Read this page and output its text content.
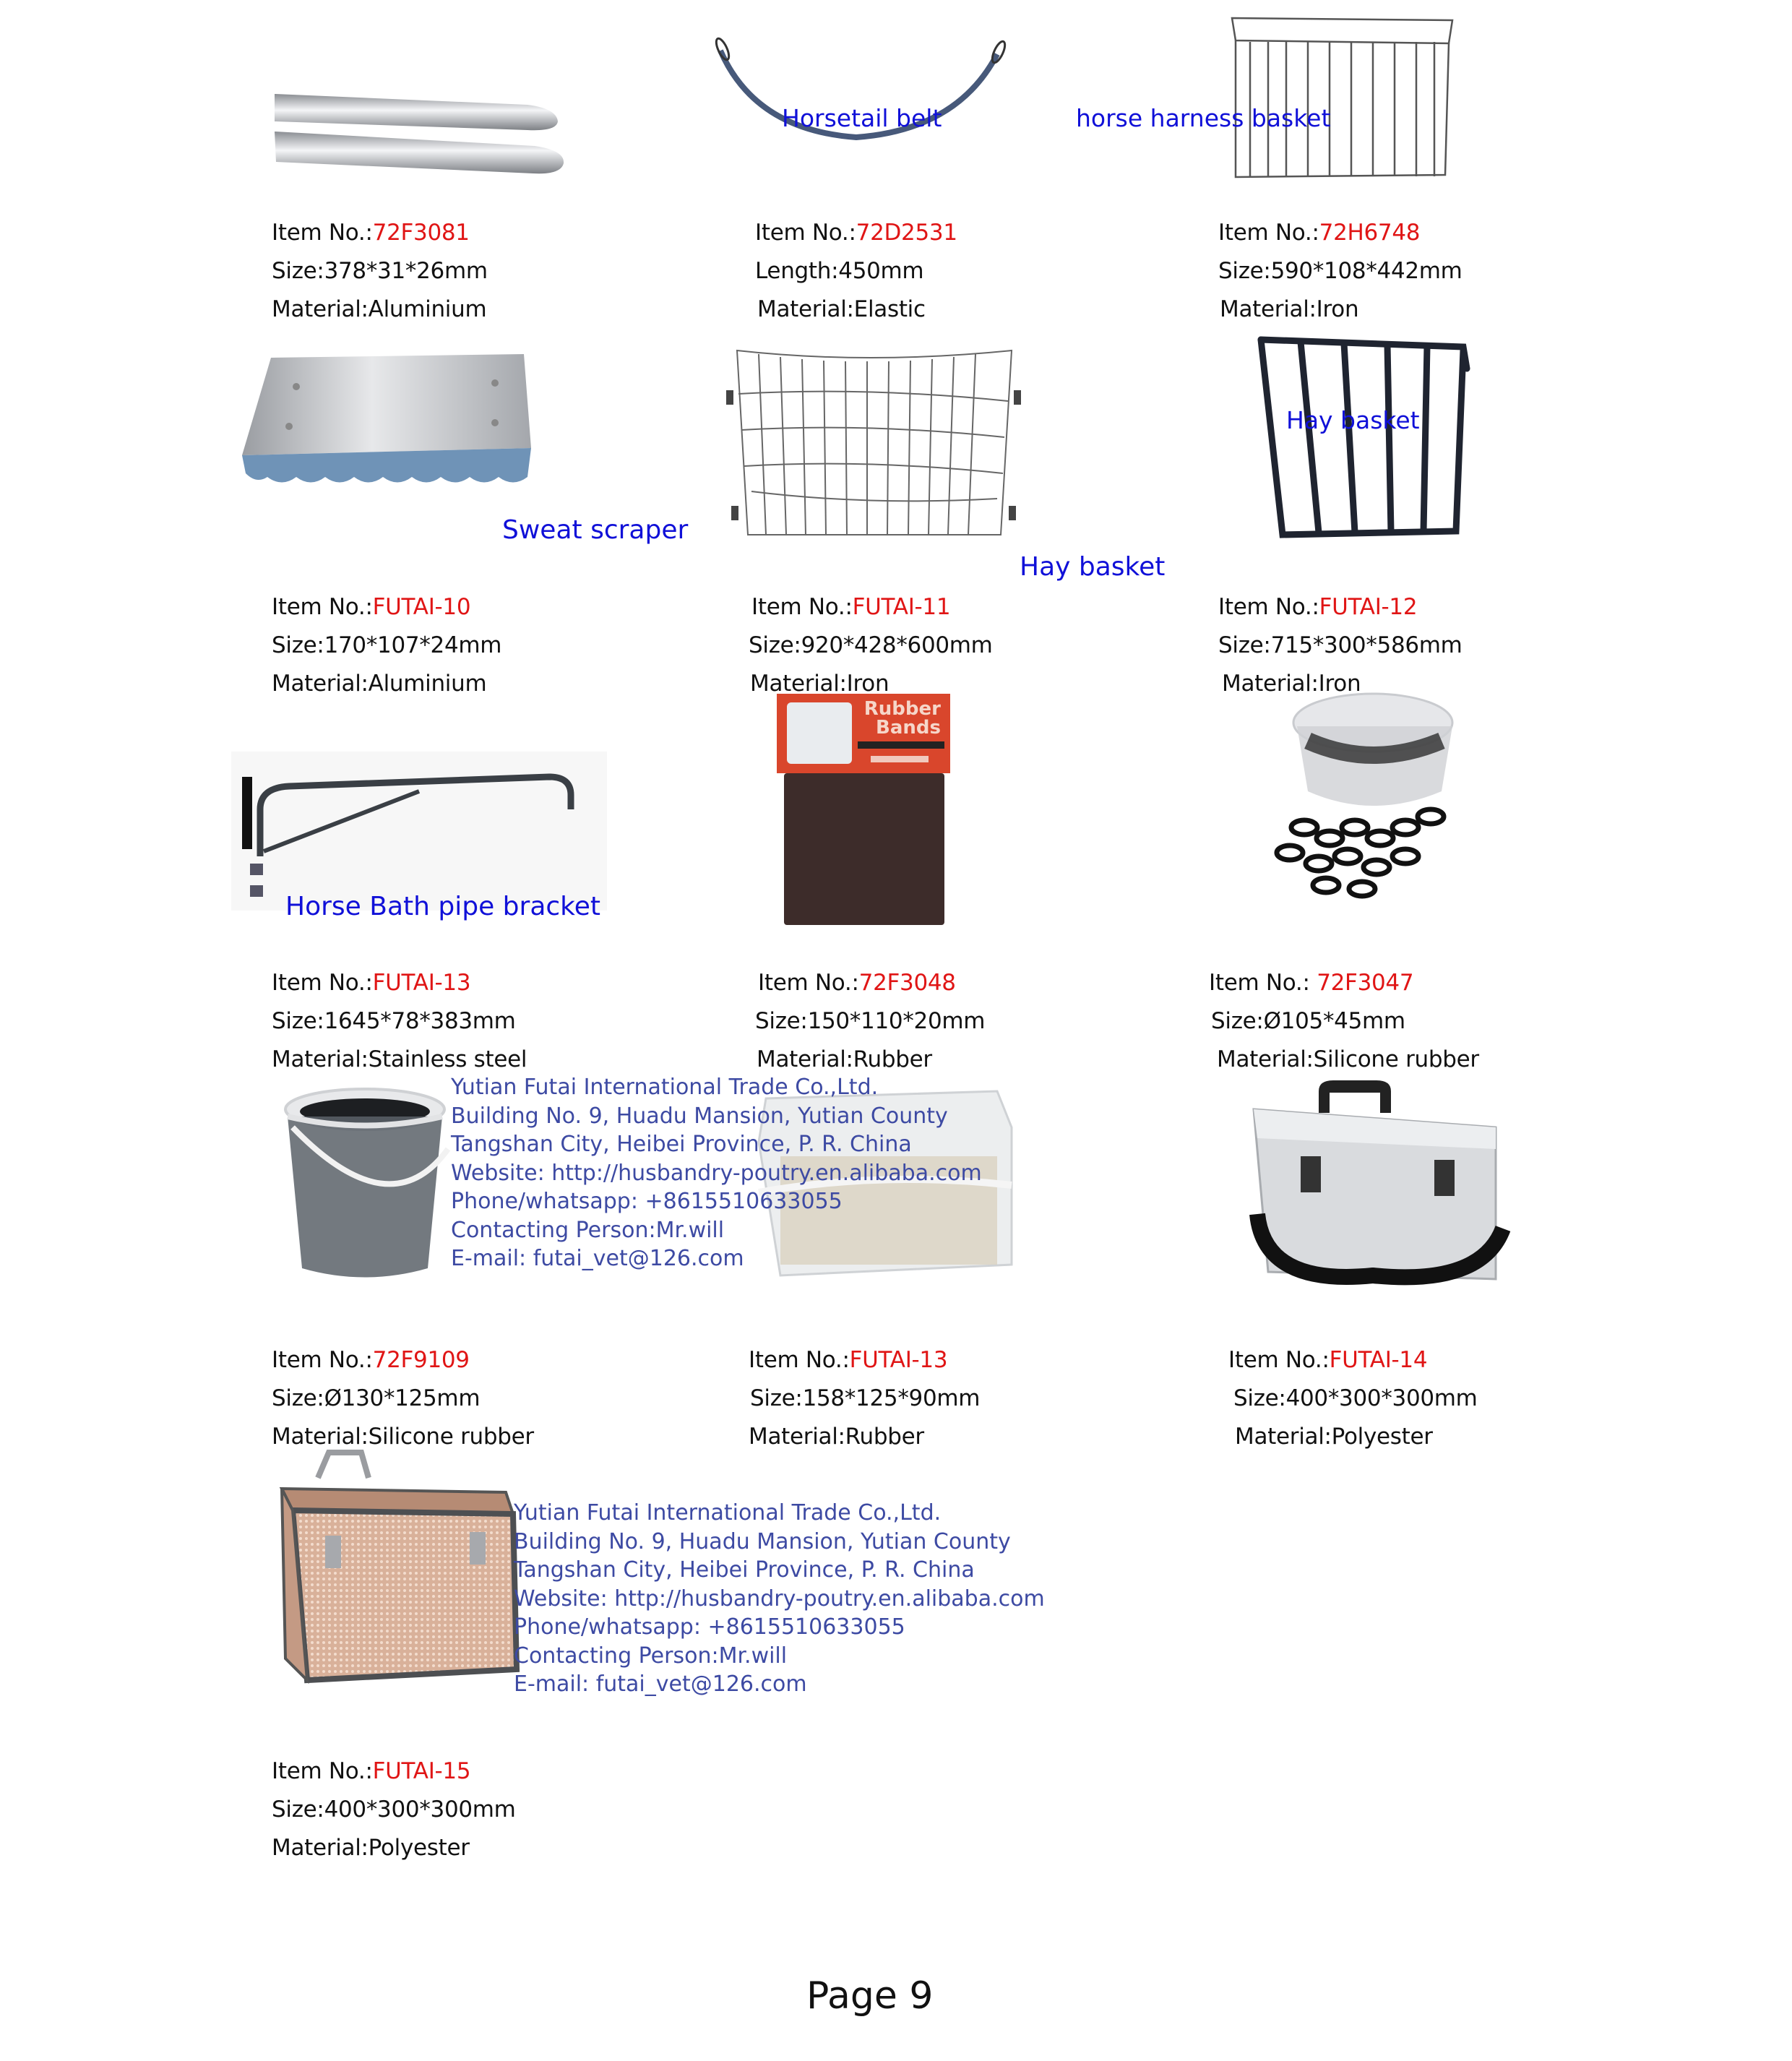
Rubber
Bands
Horsetail belt	horse harness basket
Sweat scraper
Hay basket
Hay basket
Horse Bath pipe bracket
Item No.:72F3081
Size:378*31*26mm
Material:Aluminium
Item No.:72D2531
Length:450mm
Material:Elastic
Item No.:72H6748
Size:590*108*442mm
Material:Iron
Item No.:FUTAI-10
Size:170*107*24mm
Material:Aluminium
Item No.:FUTAI-11
Size:920*428*600mm
Material:Iron
Item No.:FUTAI-12
Size:715*300*586mm
Material:Iron
Item No.:FUTAI-13
Size:1645*78*383mm
Material:Stainless steel
Item No.:72F3048
Size:150*110*20mm
Material:Rubber
Item No.: 72F3047
Size:Ø105*45mm
Material:Silicone rubber
Item No.:72F9109
Size:Ø130*125mm
Material:Silicone rubber
Item No.:FUTAI-13
Size:158*125*90mm
Material:Rubber
Item No.:FUTAI-14
Size:400*300*300mm
Material:Polyester
Item No.:FUTAI-15
Size:400*300*300mm
Material:Polyester
Yutian Futai International Trade Co.,Ltd.
Building No. 9, Huadu Mansion, Yutian County
Tangshan City, Heibei Province, P. R. China
Website: http://husbandry-poutry.en.alibaba.com
Phone/whatsapp: +8615510633055
Contacting Person:Mr.will
E-mail: futai_vet@126.com
Yutian Futai International Trade Co.,Ltd.
Building No. 9, Huadu Mansion, Yutian County
Tangshan City, Heibei Province, P. R. China
Website: http://husbandry-poutry.en.alibaba.com
Phone/whatsapp: +8615510633055
Contacting Person:Mr.will
E-mail: futai_vet@126.com
Page 9
